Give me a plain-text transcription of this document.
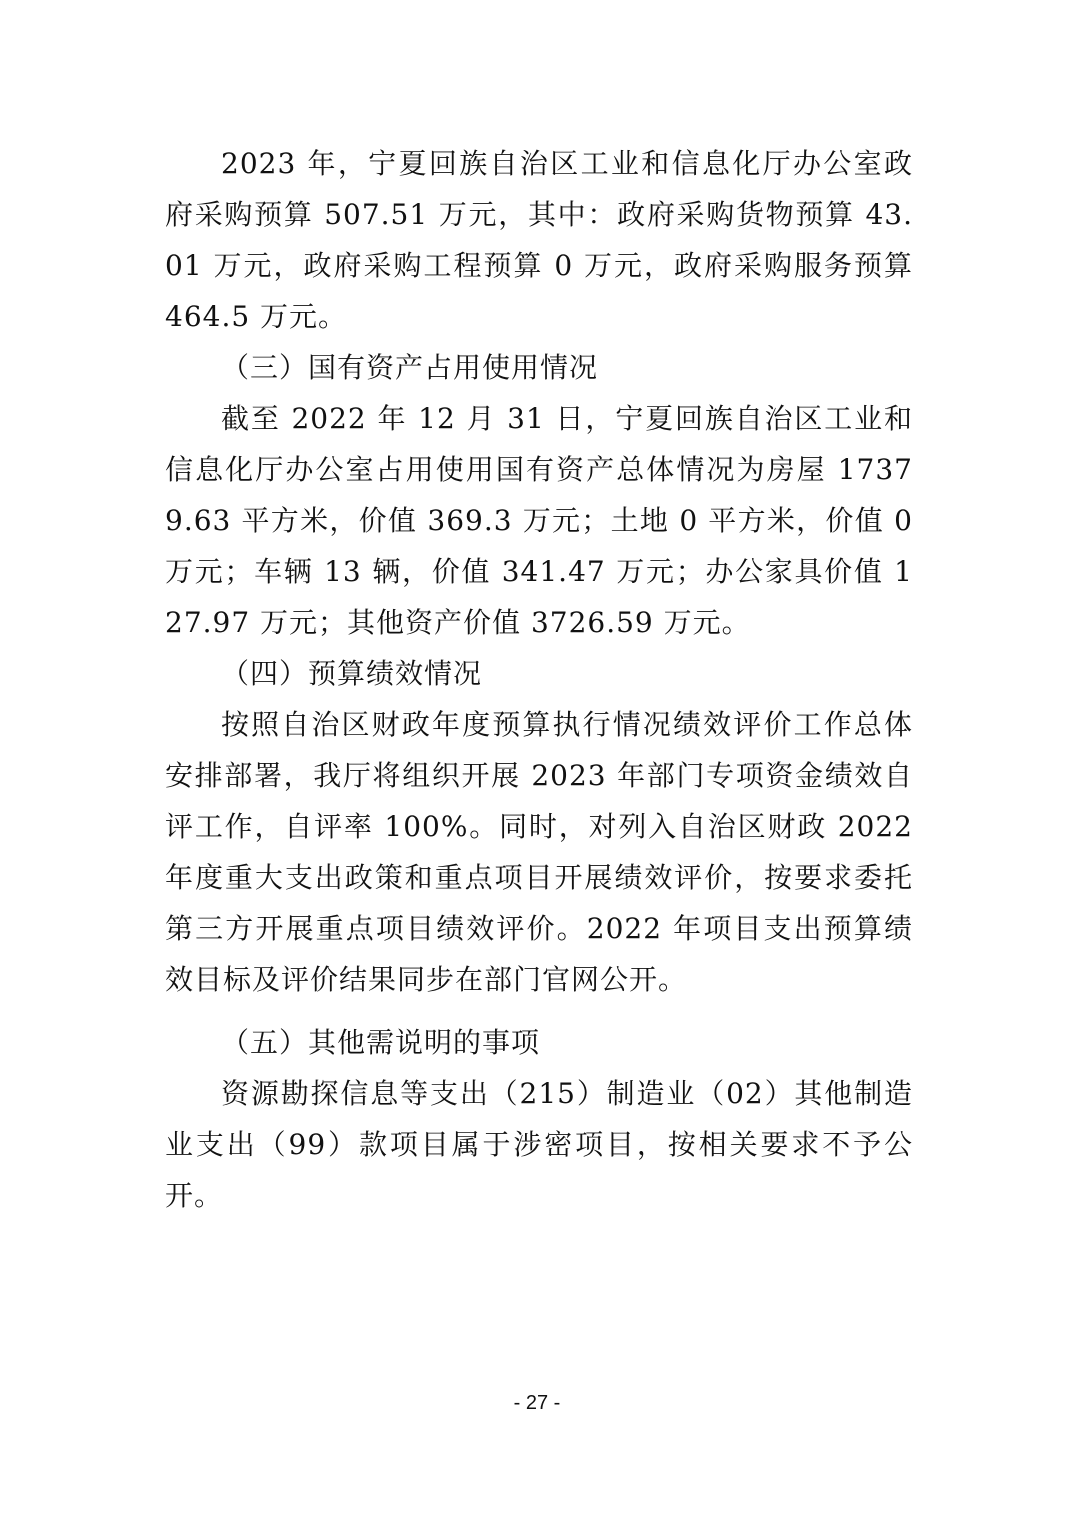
2023 年，宁夏回族自治区工业和信息化厅办公室政府采购预算 507.51 万元，其中：政府采购货物预算 43.01 万元，政府采购工程预算 0 万元，政府采购服务预算 464.5 万元。

（三）国有资产占用使用情况

截至 2022 年 12 月 31 日，宁夏回族自治区工业和信息化厅办公室占用使用国有资产总体情况为房屋 17379.63 平方米，价值 369.3 万元；土地 0 平方米，价值 0 万元；车辆 13 辆，价值 341.47 万元；办公家具价值 127.97 万元；其他资产价值 3726.59 万元。

（四）预算绩效情况

按照自治区财政年度预算执行情况绩效评价工作总体安排部署，我厅将组织开展 2023 年部门专项资金绩效自评工作，自评率 100%。同时，对列入自治区财政 2022 年度重大支出政策和重点项目开展绩效评价，按要求委托第三方开展重点项目绩效评价。2022 年项目支出预算绩效目标及评价结果同步在部门官网公开。

（五）其他需说明的事项

资源勘探信息等支出（215）制造业（02）其他制造业支出（99）款项目属于涉密项目，按相关要求不予公开。

- 27 -
